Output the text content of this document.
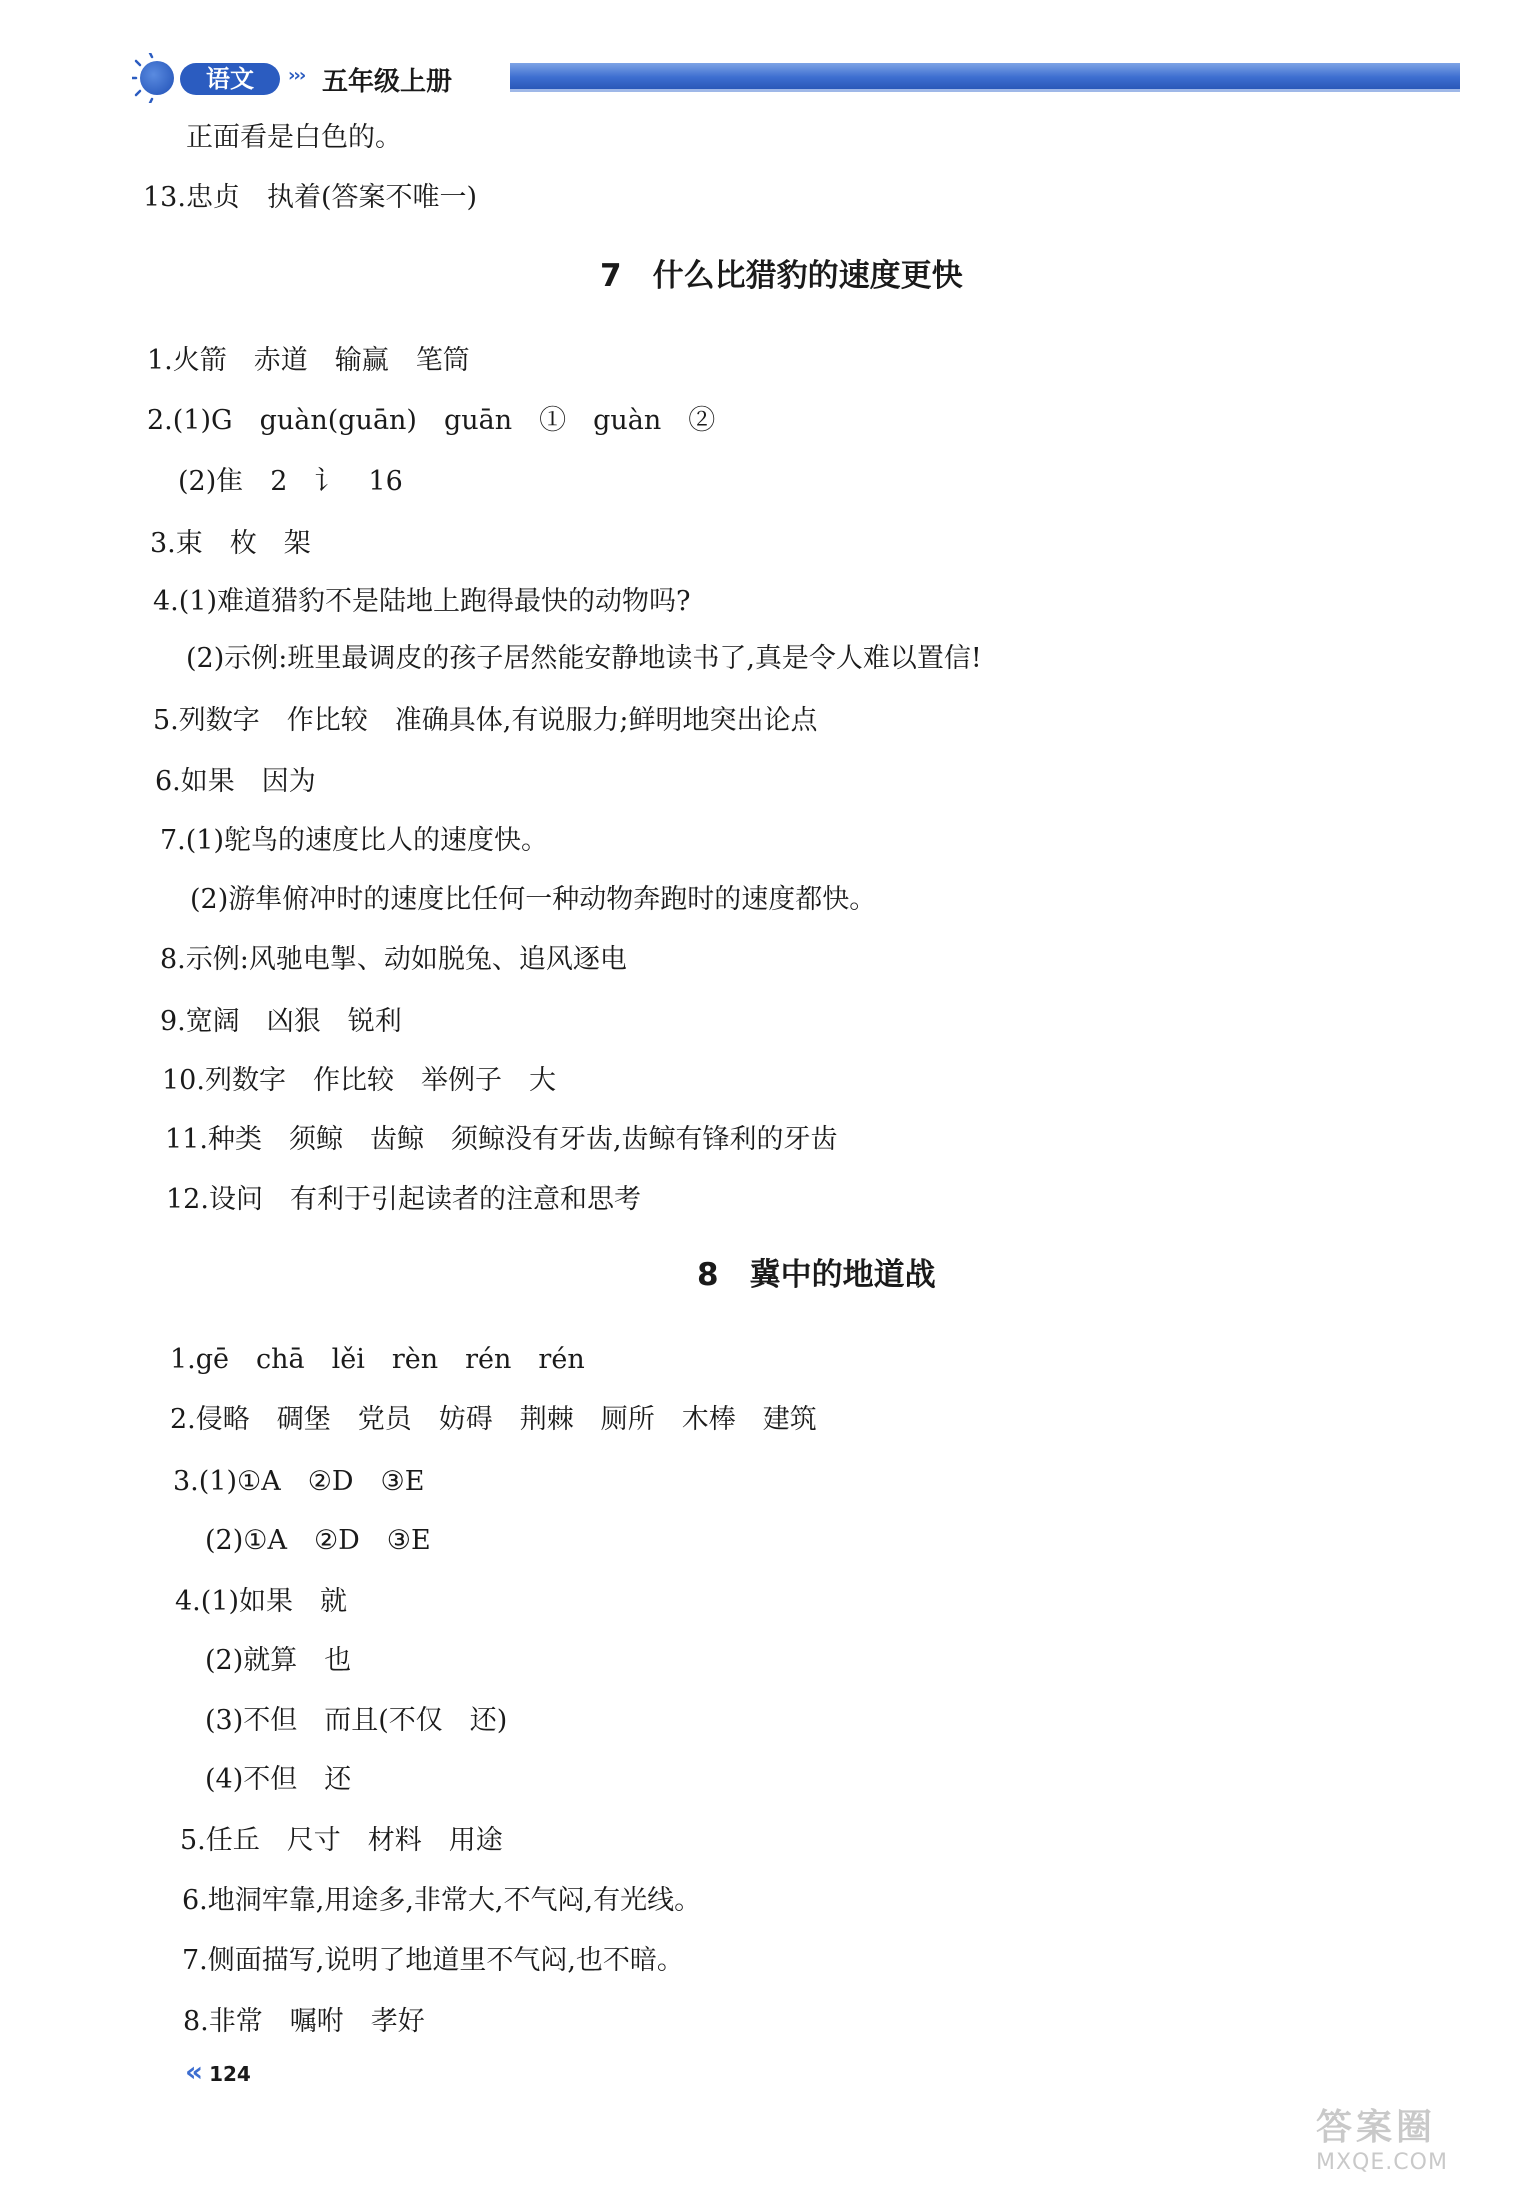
语文	››› 五年级上册
正面看是白色的。
13.忠贞　执着(答案不唯一)
7　什么比猎豹的速度更快
1.火箭　赤道　输赢　笔筒
2.(1)G　guàn(guān)　guān　①　guàn　②
(2)隹　2　讠　16
3.束　枚　架
4.(1)难道猎豹不是陆地上跑得最快的动物吗?
(2)示例:班里最调皮的孩子居然能安静地读书了,真是令人难以置信!
5.列数字　作比较　准确具体,有说服力;鲜明地突出论点
6.如果　因为
7.(1)鸵鸟的速度比人的速度快。
(2)游隼俯冲时的速度比任何一种动物奔跑时的速度都快。
8.示例:风驰电掣、动如脱兔、追风逐电
9.宽阔　凶狠　锐利
10.列数字　作比较　举例子　大
11.种类　须鲸　齿鲸　须鲸没有牙齿,齿鲸有锋利的牙齿
12.设问　有利于引起读者的注意和思考
8　冀中的地道战
1.gē　chā　lěi　rèn　rén　rén
2.侵略　碉堡　党员　妨碍　荆棘　厕所　木棒　建筑
3.(1)①A　②D　③E
(2)①A　②D　③E
4.(1)如果　就
(2)就算　也
(3)不但　而且(不仅　还)
(4)不但　还
5.任丘　尺寸　材料　用途
6.地洞牢靠,用途多,非常大,不气闷,有光线。
7.侧面描写,说明了地道里不气闷,也不暗。
8.非常　嘱咐　孝好
« 124
答案圈
MXQE.COM
